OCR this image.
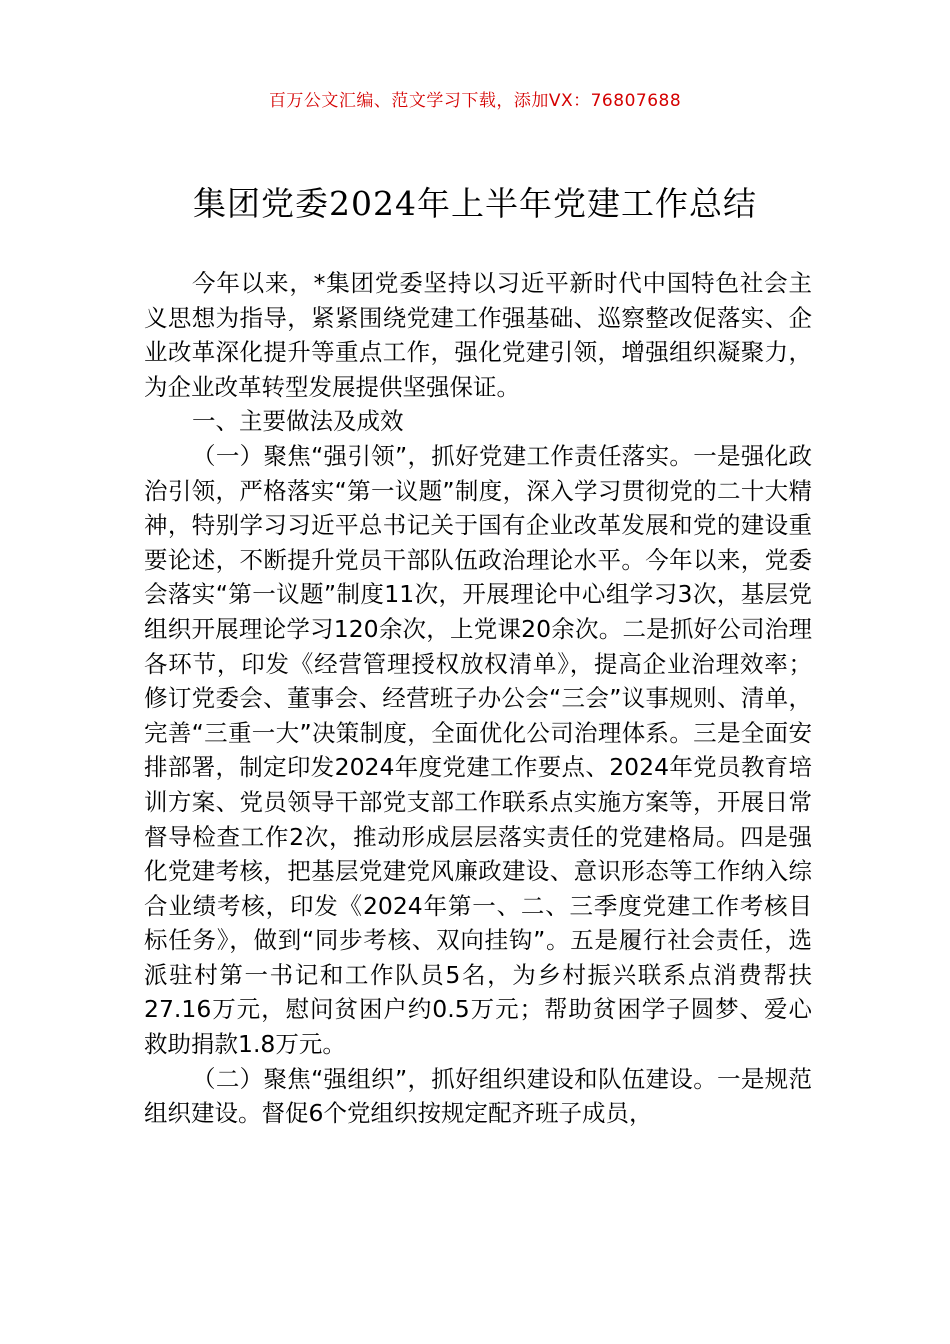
百万公文汇编、范文学习下载，添加VX：76807688
集团党委2024年上半年党建工作总结

今年以来，*集团党委坚持以习近平新时代中国特色社会主义思想为指导，紧紧围绕党建工作强基础、巡察整改促落实、企业改革深化提升等重点工作，强化党建引领，增强组织凝聚力，为企业改革转型发展提供坚强保证。

一、主要做法及成效

（一）聚焦“强引领”，抓好党建工作责任落实。一是强化政治引领，严格落实“第一议题”制度，深入学习贯彻党的二十大精神，特别学习习近平总书记关于国有企业改革发展和党的建设重要论述，不断提升党员干部队伍政治理论水平。今年以来，党委会落实“第一议题”制度11次，开展理论中心组学习3次，基层党组织开展理论学习120余次，上党课20余次。二是抓好公司治理各环节，印发《经营管理授权放权清单》，提高企业治理效率；修订党委会、董事会、经营班子办公会“三会”议事规则、清单，完善“三重一大”决策制度，全面优化公司治理体系。三是全面安排部署，制定印发2024年度党建工作要点、2024年党员教育培训方案、党员领导干部党支部工作联系点实施方案等，开展日常督导检查工作2次，推动形成层层落实责任的党建格局。四是强化党建考核，把基层党建党风廉政建设、意识形态等工作纳入综合业绩考核，印发《2024年第一、二、三季度党建工作考核目标任务》，做到“同步考核、双向挂钩”。五是履行社会责任，选派驻村第一书记和工作队员5名，为乡村振兴联系点消费帮扶27.16万元，慰问贫困户约0.5万元；帮助贫困学子圆梦、爱心救助捐款1.8万元。

（二）聚焦“强组织”，抓好组织建设和队伍建设。一是规范组织建设。督促6个党组织按规定配齐班子成员，
